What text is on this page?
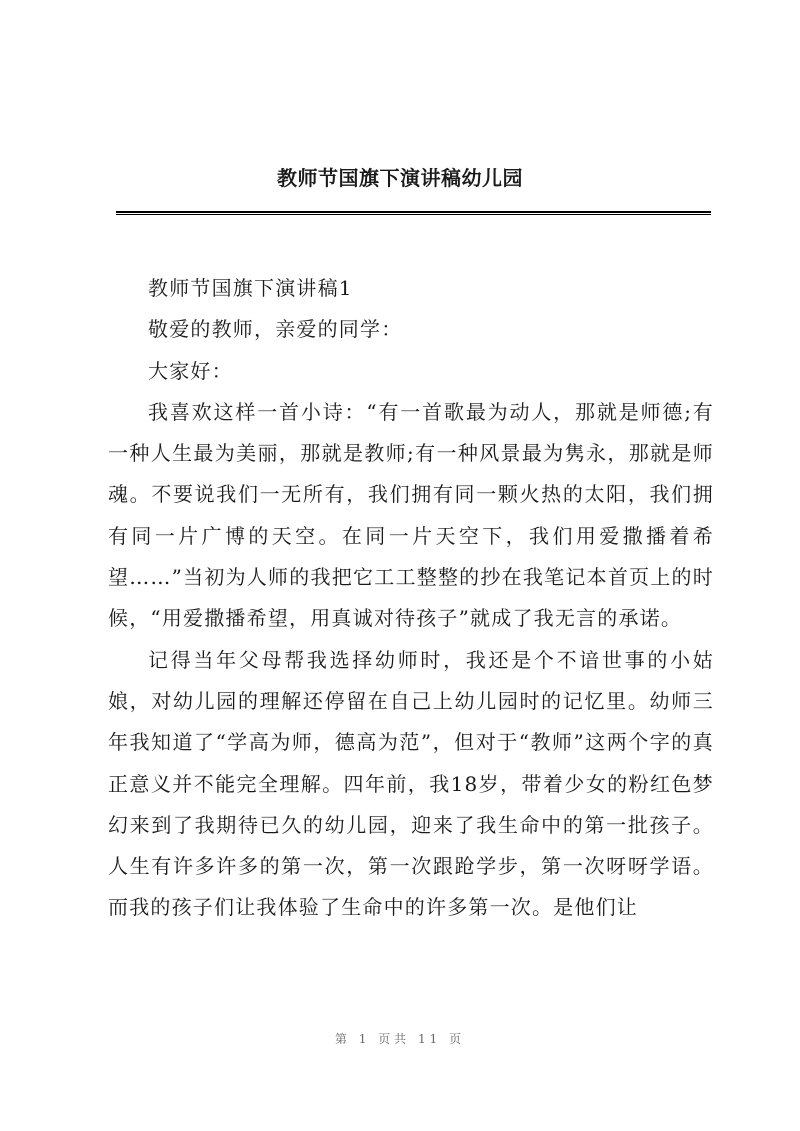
教师节国旗下演讲稿幼儿园

教师节国旗下演讲稿1

敬爱的教师，亲爱的同学：

大家好：

我喜欢这样一首小诗：“有一首歌最为动人，那就是师德;有一种人生最为美丽，那就是教师;有一种风景最为隽永，那就是师魂。不要说我们一无所有，我们拥有同一颗火热的太阳，我们拥有同一片广博的天空。在同一片天空下，我们用爱撒播着希望……”当初为人师的我把它工工整整的抄在我笔记本首页上的时候，“用爱撒播希望，用真诚对待孩子”就成了我无言的承诺。

记得当年父母帮我选择幼师时，我还是个不谙世事的小姑娘，对幼儿园的理解还停留在自己上幼儿园时的记忆里。幼师三年我知道了“学高为师，德高为范”，但对于“教师”这两个字的真正意义并不能完全理解。四年前，我18岁，带着少女的粉红色梦幻来到了我期待已久的幼儿园，迎来了我生命中的第一批孩子。人生有许多许多的第一次，第一次跟跄学步，第一次呀呀学语。而我的孩子们让我体验了生命中的许多第一次。是他们让

第 1 页共 11 页
